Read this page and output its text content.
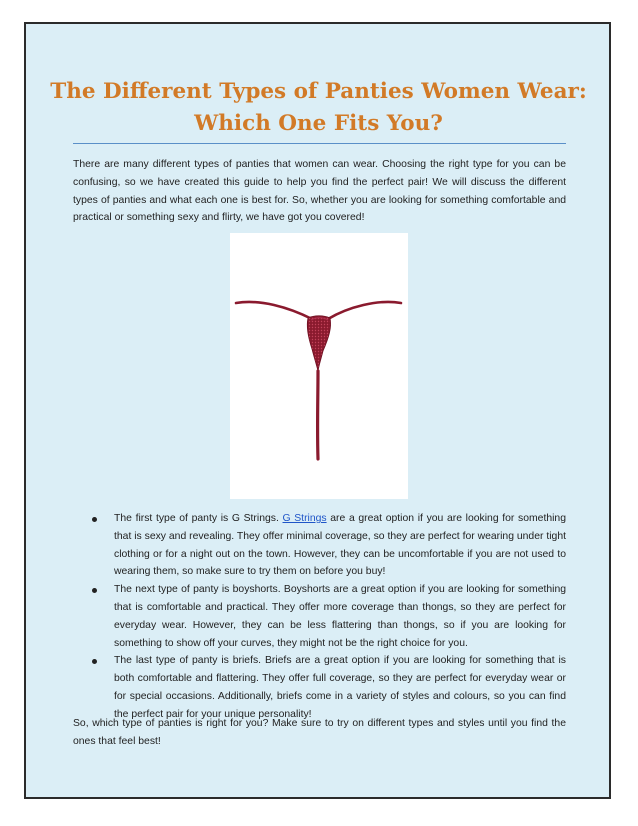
The Different Types of Panties Women Wear: Which One Fits You?

There are many different types of panties that women can wear. Choosing the right type for you can be confusing, so we have created this guide to help you find the perfect pair! We will discuss the different types of panties and what each one is best for. So, whether you are looking for something comfortable and practical or something sexy and flirty, we have got you covered!

The first type of panty is G Strings. G Strings are a great option if you are looking for something that is sexy and revealing. They offer minimal coverage, so they are perfect for wearing under tight clothing or for a night out on the town. However, they can be uncomfortable if you are not used to wearing them, so make sure to try them on before you buy!
The next type of panty is boyshorts. Boyshorts are a great option if you are looking for something that is comfortable and practical. They offer more coverage than thongs, so they are perfect for everyday wear. However, they can be less flattering than thongs, so if you are looking for something to show off your curves, they might not be the right choice for you.
The last type of panty is briefs. Briefs are a great option if you are looking for something that is both comfortable and flattering. They offer full coverage, so they are perfect for everyday wear or for special occasions. Additionally, briefs come in a variety of styles and colours, so you can find the perfect pair for your unique personality!

So, which type of panties is right for you? Make sure to try on different types and styles until you find the ones that feel best!
